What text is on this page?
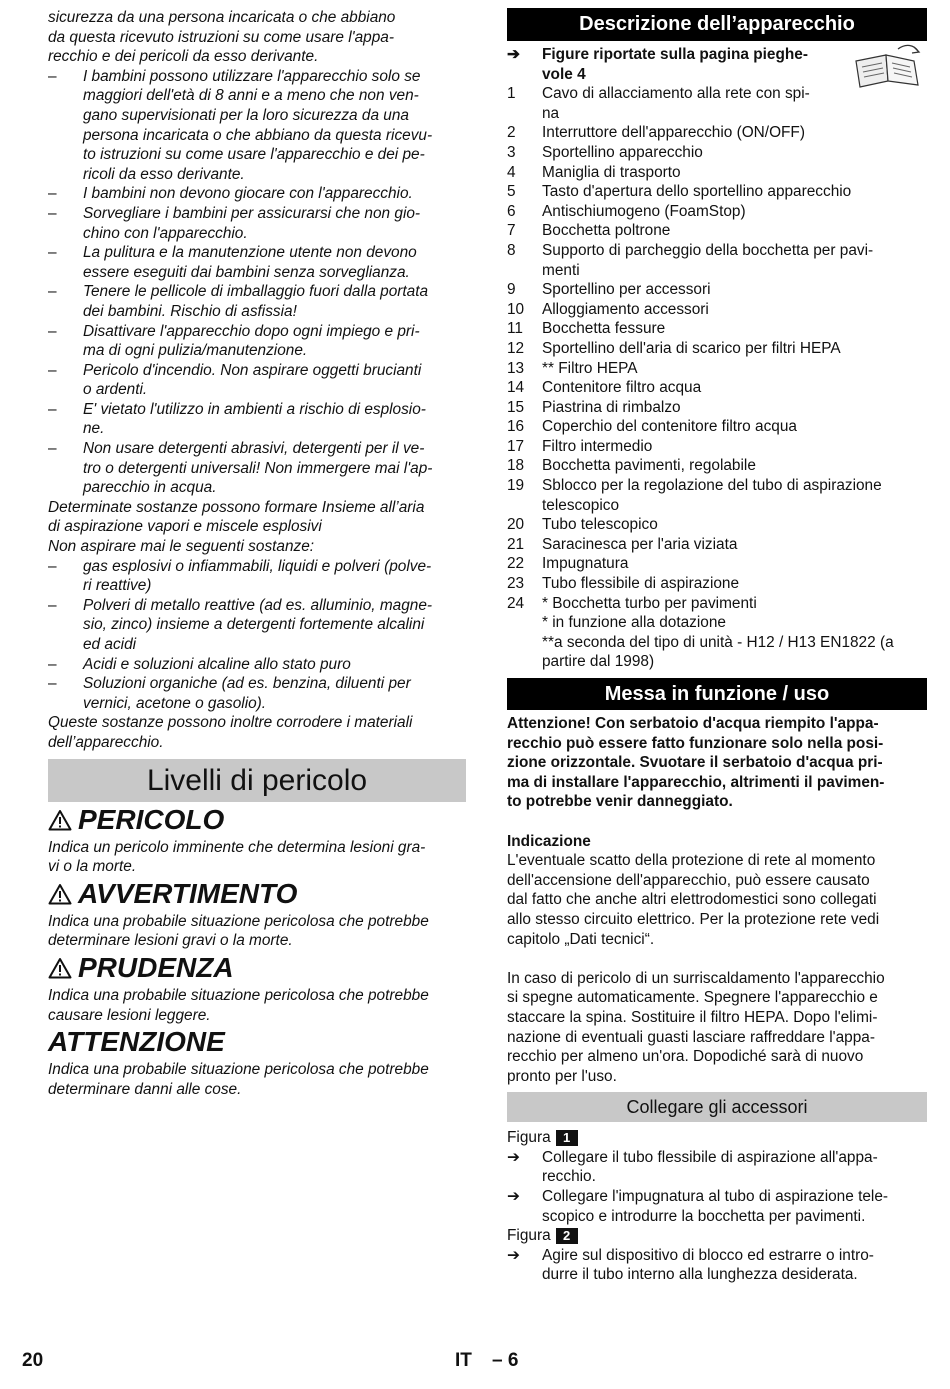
sicurezza da una persona incaricata o che abbiano
da questa ricevuto istruzioni su come usare l'appa-
recchio e dei pericoli da esso derivante.
–	I bambini possono utilizzare l'apparecchio solo se
maggiori dell'età di 8 anni e a meno che non ven-
gano supervisionati per la loro sicurezza da una
persona incaricata o che abbiano da questa ricevu-
to istruzioni su come usare l'apparecchio e dei pe-
ricoli da esso derivante.
–	I bambini non devono giocare con l'apparecchio.
–	Sorvegliare i bambini per assicurarsi che non gio-
chino con l'apparecchio.
–	La pulitura e la manutenzione utente non devono
essere eseguiti dai bambini senza sorveglianza.
–	Tenere le pellicole di imballaggio fuori dalla portata
dei bambini. Rischio di asfissia!
–	Disattivare l'apparecchio dopo ogni impiego e pri-
ma di ogni pulizia/manutenzione.
–	Pericolo d'incendio. Non aspirare oggetti brucianti
o ardenti.
–	E' vietato l'utilizzo in ambienti a rischio di esplosio-
ne.
–	Non usare detergenti abrasivi, detergenti per il ve-
tro o detergenti universali! Non immergere mai l'ap-
parecchio in acqua.
Determinate sostanze possono formare Insieme all’aria
di aspirazione vapori e miscele esplosivi
Non aspirare mai le seguenti sostanze:
–	gas esplosivi o infiammabili, liquidi e polveri (polve-
ri reattive)
–	Polveri di metallo reattive (ad es. alluminio, magne-
sio, zinco) insieme a detergenti fortemente alcalini
ed acidi
–	Acidi e soluzioni alcaline allo stato puro
–	Soluzioni organiche (ad es. benzina, diluenti per
vernici, acetone o gasolio).
Queste sostanze possono inoltre corrodere i materiali
dell’apparecchio.
Livelli di pericolo
PERICOLO
Indica un pericolo imminente che determina lesioni gra-
vi o la morte.
AVVERTIMENTO
Indica una probabile situazione pericolosa che potrebbe
determinare lesioni gravi o la morte.
PRUDENZA
Indica una probabile situazione pericolosa che potrebbe
causare lesioni leggere.
ATTENZIONE
Indica una probabile situazione pericolosa che potrebbe
determinare danni alle cose.
Descrizione dell’apparecchio
➔	Figure riportate sulla pagina pieghe-
vole 4
1	Cavo di allacciamento alla rete con spi-
na
2	Interruttore dell'apparecchio (ON/OFF)
3	Sportellino apparecchio
4	Maniglia di trasporto
5	Tasto d'apertura dello sportellino apparecchio
6	Antischiumogeno (FoamStop)
7	Bocchetta poltrone
8	Supporto di parcheggio della bocchetta per pavi-
menti
9	Sportellino per accessori
10	Alloggiamento accessori
11	Bocchetta fessure
12	Sportellino dell'aria di scarico per filtri HEPA
13	** Filtro HEPA
14	Contenitore filtro acqua
15	Piastrina di rimbalzo
16	Coperchio del contenitore filtro acqua
17	Filtro intermedio
18	Bocchetta pavimenti, regolabile
19	Sblocco per la regolazione del tubo di aspirazione
telescopico
20	Tubo telescopico
21	Saracinesca per l'aria viziata
22	Impugnatura
23	Tubo flessibile di aspirazione
24	* Bocchetta turbo per pavimenti
* in funzione alla dotazione
**a seconda del tipo di unità - H12 / H13 EN1822 (a
partire dal 1998)
Messa in funzione / uso
Attenzione! Con serbatoio d'acqua riempito l'appa-
recchio può essere fatto funzionare solo nella posi-
zione orizzontale. Svuotare il serbatoio d'acqua pri-
ma di installare l'apparecchio, altrimenti il pavimen-
to potrebbe venir danneggiato.
Indicazione
L'eventuale scatto della protezione di rete al momento
dell'accensione dell'apparecchio, può essere causato
dal fatto che anche altri elettrodomestici sono collegati
allo stesso circuito elettrico. Per la protezione rete vedi
capitolo „Dati tecnici“.
In caso di pericolo di un surriscaldamento l'apparecchio
si spegne automaticamente. Spegnere l'apparecchio e
staccare la spina. Sostituire il filtro HEPA. Dopo l'elimi-
nazione di eventuali guasti lasciare raffreddare l'appa-
recchio per almeno un'ora. Dopodiché sarà di nuovo
pronto per l'uso.
Collegare gli accessori
Figura 1
➔	Collegare il tubo flessibile di aspirazione all'appa-
recchio.
➔	Collegare l'impugnatura al tubo di aspirazione tele-
scopico e introdurre la bocchetta per pavimenti.
Figura 2
➔	Agire sul dispositivo di blocco ed estrarre o intro-
durre il tubo interno alla lunghezza desiderata.
20	IT – 6
